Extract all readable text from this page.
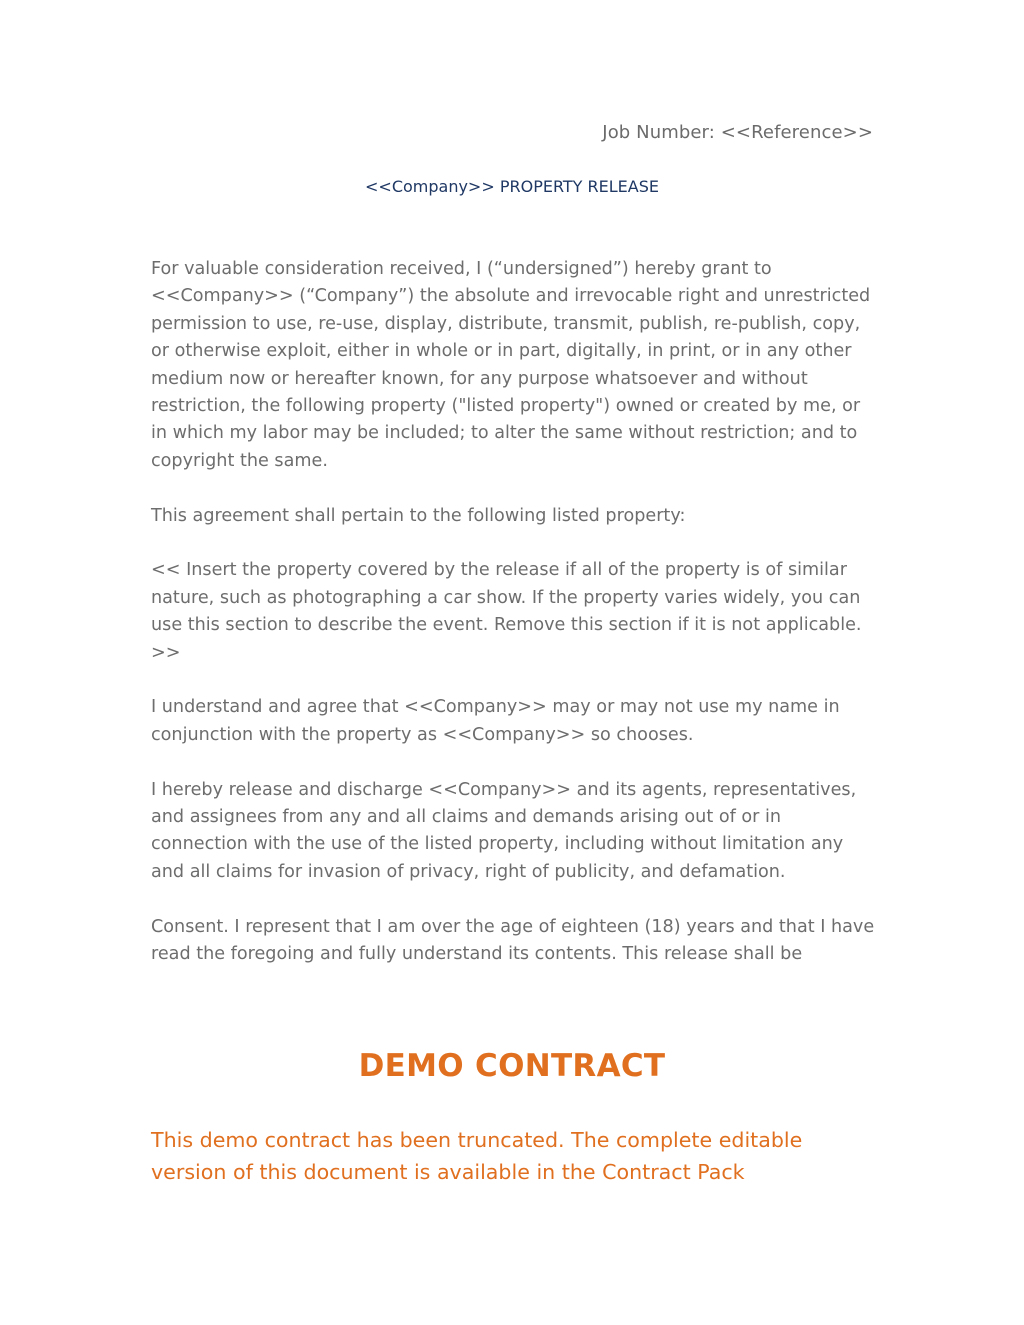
Job Number: <<Reference>>
<<Company>> PROPERTY RELEASE

For valuable consideration received, I (“undersigned”) hereby grant to <<Company>> (“Company”) the absolute and irrevocable right and unrestricted permission to use, re-use, display, distribute, transmit, publish, re-publish, copy, or otherwise exploit, either in whole or in part, digitally, in print, or in any other medium now or hereafter known, for any purpose whatsoever and without restriction, the following property ("listed property") owned or created by me, or in which my labor may be included; to alter the same without restriction; and to copyright the same.

This agreement shall pertain to the following listed property:

<< Insert the property covered by the release if all of the property is of similar nature, such as photographing a car show. If the property varies widely, you can use this section to describe the event. Remove this section if it is not applicable. >>

I understand and agree that <<Company>> may or may not use my name in conjunction with the property as <<Company>> so chooses.

I hereby release and discharge <<Company>> and its agents, representatives, and assignees from any and all claims and demands arising out of or in connection with the use of the listed property, including without limitation any and all claims for invasion of privacy, right of publicity, and defamation.

Consent. I represent that I am over the age of eighteen (18) years and that I have read the foregoing and fully understand its contents. This release shall be

DEMO CONTRACT
This demo contract has been truncated. The complete editable version of this document is available in the Contract Pack
